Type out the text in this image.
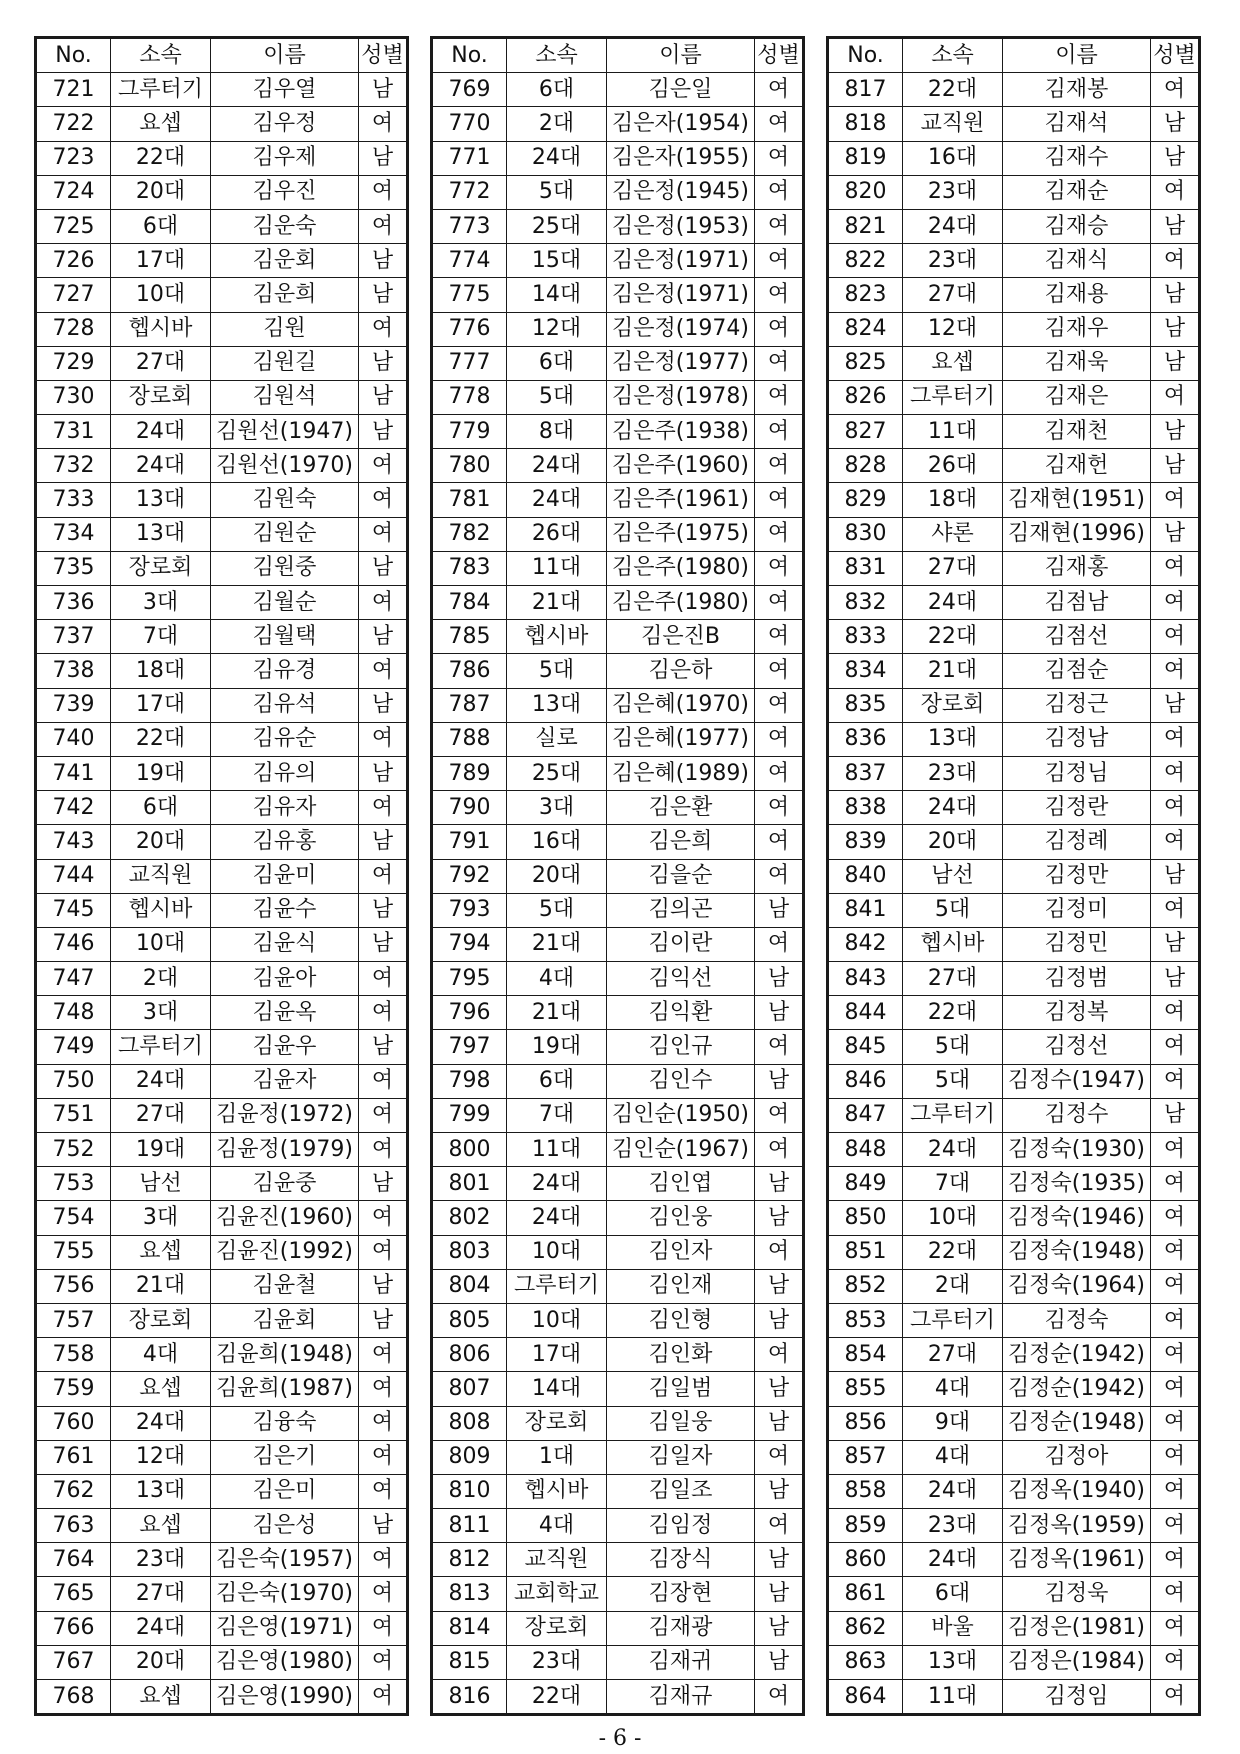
No.	소속	이름	성별
721	그루터기	김우열	남
722	요셉	김우정	여
723	22대	김우제	남
724	20대	김우진	여
725	6대	김운숙	여
726	17대	김운회	남
727	10대	김운희	남
728	헵시바	김원	여
729	27대	김원길	남
730	장로회	김원석	남
731	24대	김원선(1947)	남
732	24대	김원선(1970)	여
733	13대	김원숙	여
734	13대	김원순	여
735	장로회	김원중	남
736	3대	김월순	여
737	7대	김월택	남
738	18대	김유경	여
739	17대	김유석	남
740	22대	김유순	여
741	19대	김유의	남
742	6대	김유자	여
743	20대	김유홍	남
744	교직원	김윤미	여
745	헵시바	김윤수	남
746	10대	김윤식	남
747	2대	김윤아	여
748	3대	김윤옥	여
749	그루터기	김윤우	남
750	24대	김윤자	여
751	27대	김윤정(1972)	여
752	19대	김윤정(1979)	여
753	남선	김윤중	남
754	3대	김윤진(1960)	여
755	요셉	김윤진(1992)	여
756	21대	김윤철	남
757	장로회	김윤회	남
758	4대	김윤희(1948)	여
759	요셉	김윤희(1987)	여
760	24대	김융숙	여
761	12대	김은기	여
762	13대	김은미	여
763	요셉	김은성	남
764	23대	김은숙(1957)	여
765	27대	김은숙(1970)	여
766	24대	김은영(1971)	여
767	20대	김은영(1980)	여
768	요셉	김은영(1990)	여
No.	소속	이름	성별
769	6대	김은일	여
770	2대	김은자(1954)	여
771	24대	김은자(1955)	여
772	5대	김은정(1945)	여
773	25대	김은정(1953)	여
774	15대	김은정(1971)	여
775	14대	김은정(1971)	여
776	12대	김은정(1974)	여
777	6대	김은정(1977)	여
778	5대	김은정(1978)	여
779	8대	김은주(1938)	여
780	24대	김은주(1960)	여
781	24대	김은주(1961)	여
782	26대	김은주(1975)	여
783	11대	김은주(1980)	여
784	21대	김은주(1980)	여
785	헵시바	김은진B	여
786	5대	김은하	여
787	13대	김은혜(1970)	여
788	실로	김은혜(1977)	여
789	25대	김은혜(1989)	여
790	3대	김은환	여
791	16대	김은희	여
792	20대	김을순	여
793	5대	김의곤	남
794	21대	김이란	여
795	4대	김익선	남
796	21대	김익환	남
797	19대	김인규	여
798	6대	김인수	남
799	7대	김인순(1950)	여
800	11대	김인순(1967)	여
801	24대	김인엽	남
802	24대	김인웅	남
803	10대	김인자	여
804	그루터기	김인재	남
805	10대	김인형	남
806	17대	김인화	여
807	14대	김일범	남
808	장로회	김일웅	남
809	1대	김일자	여
810	헵시바	김일조	남
811	4대	김임정	여
812	교직원	김장식	남
813	교회학교	김장현	남
814	장로회	김재광	남
815	23대	김재귀	남
816	22대	김재규	여
No.	소속	이름	성별
817	22대	김재봉	여
818	교직원	김재석	남
819	16대	김재수	남
820	23대	김재순	여
821	24대	김재승	남
822	23대	김재식	여
823	27대	김재용	남
824	12대	김재우	남
825	요셉	김재욱	남
826	그루터기	김재은	여
827	11대	김재천	남
828	26대	김재헌	남
829	18대	김재현(1951)	여
830	샤론	김재현(1996)	남
831	27대	김재홍	여
832	24대	김점남	여
833	22대	김점선	여
834	21대	김점순	여
835	장로회	김정근	남
836	13대	김정남	여
837	23대	김정님	여
838	24대	김정란	여
839	20대	김정례	여
840	남선	김정만	남
841	5대	김정미	여
842	헵시바	김정민	남
843	27대	김정범	남
844	22대	김정복	여
845	5대	김정선	여
846	5대	김정수(1947)	여
847	그루터기	김정수	남
848	24대	김정숙(1930)	여
849	7대	김정숙(1935)	여
850	10대	김정숙(1946)	여
851	22대	김정숙(1948)	여
852	2대	김정숙(1964)	여
853	그루터기	김정숙	여
854	27대	김정순(1942)	여
855	4대	김정순(1942)	여
856	9대	김정순(1948)	여
857	4대	김정아	여
858	24대	김정옥(1940)	여
859	23대	김정옥(1959)	여
860	24대	김정옥(1961)	여
861	6대	김정욱	여
862	바울	김정은(1981)	여
863	13대	김정은(1984)	여
864	11대	김정임	여
- 6 -
